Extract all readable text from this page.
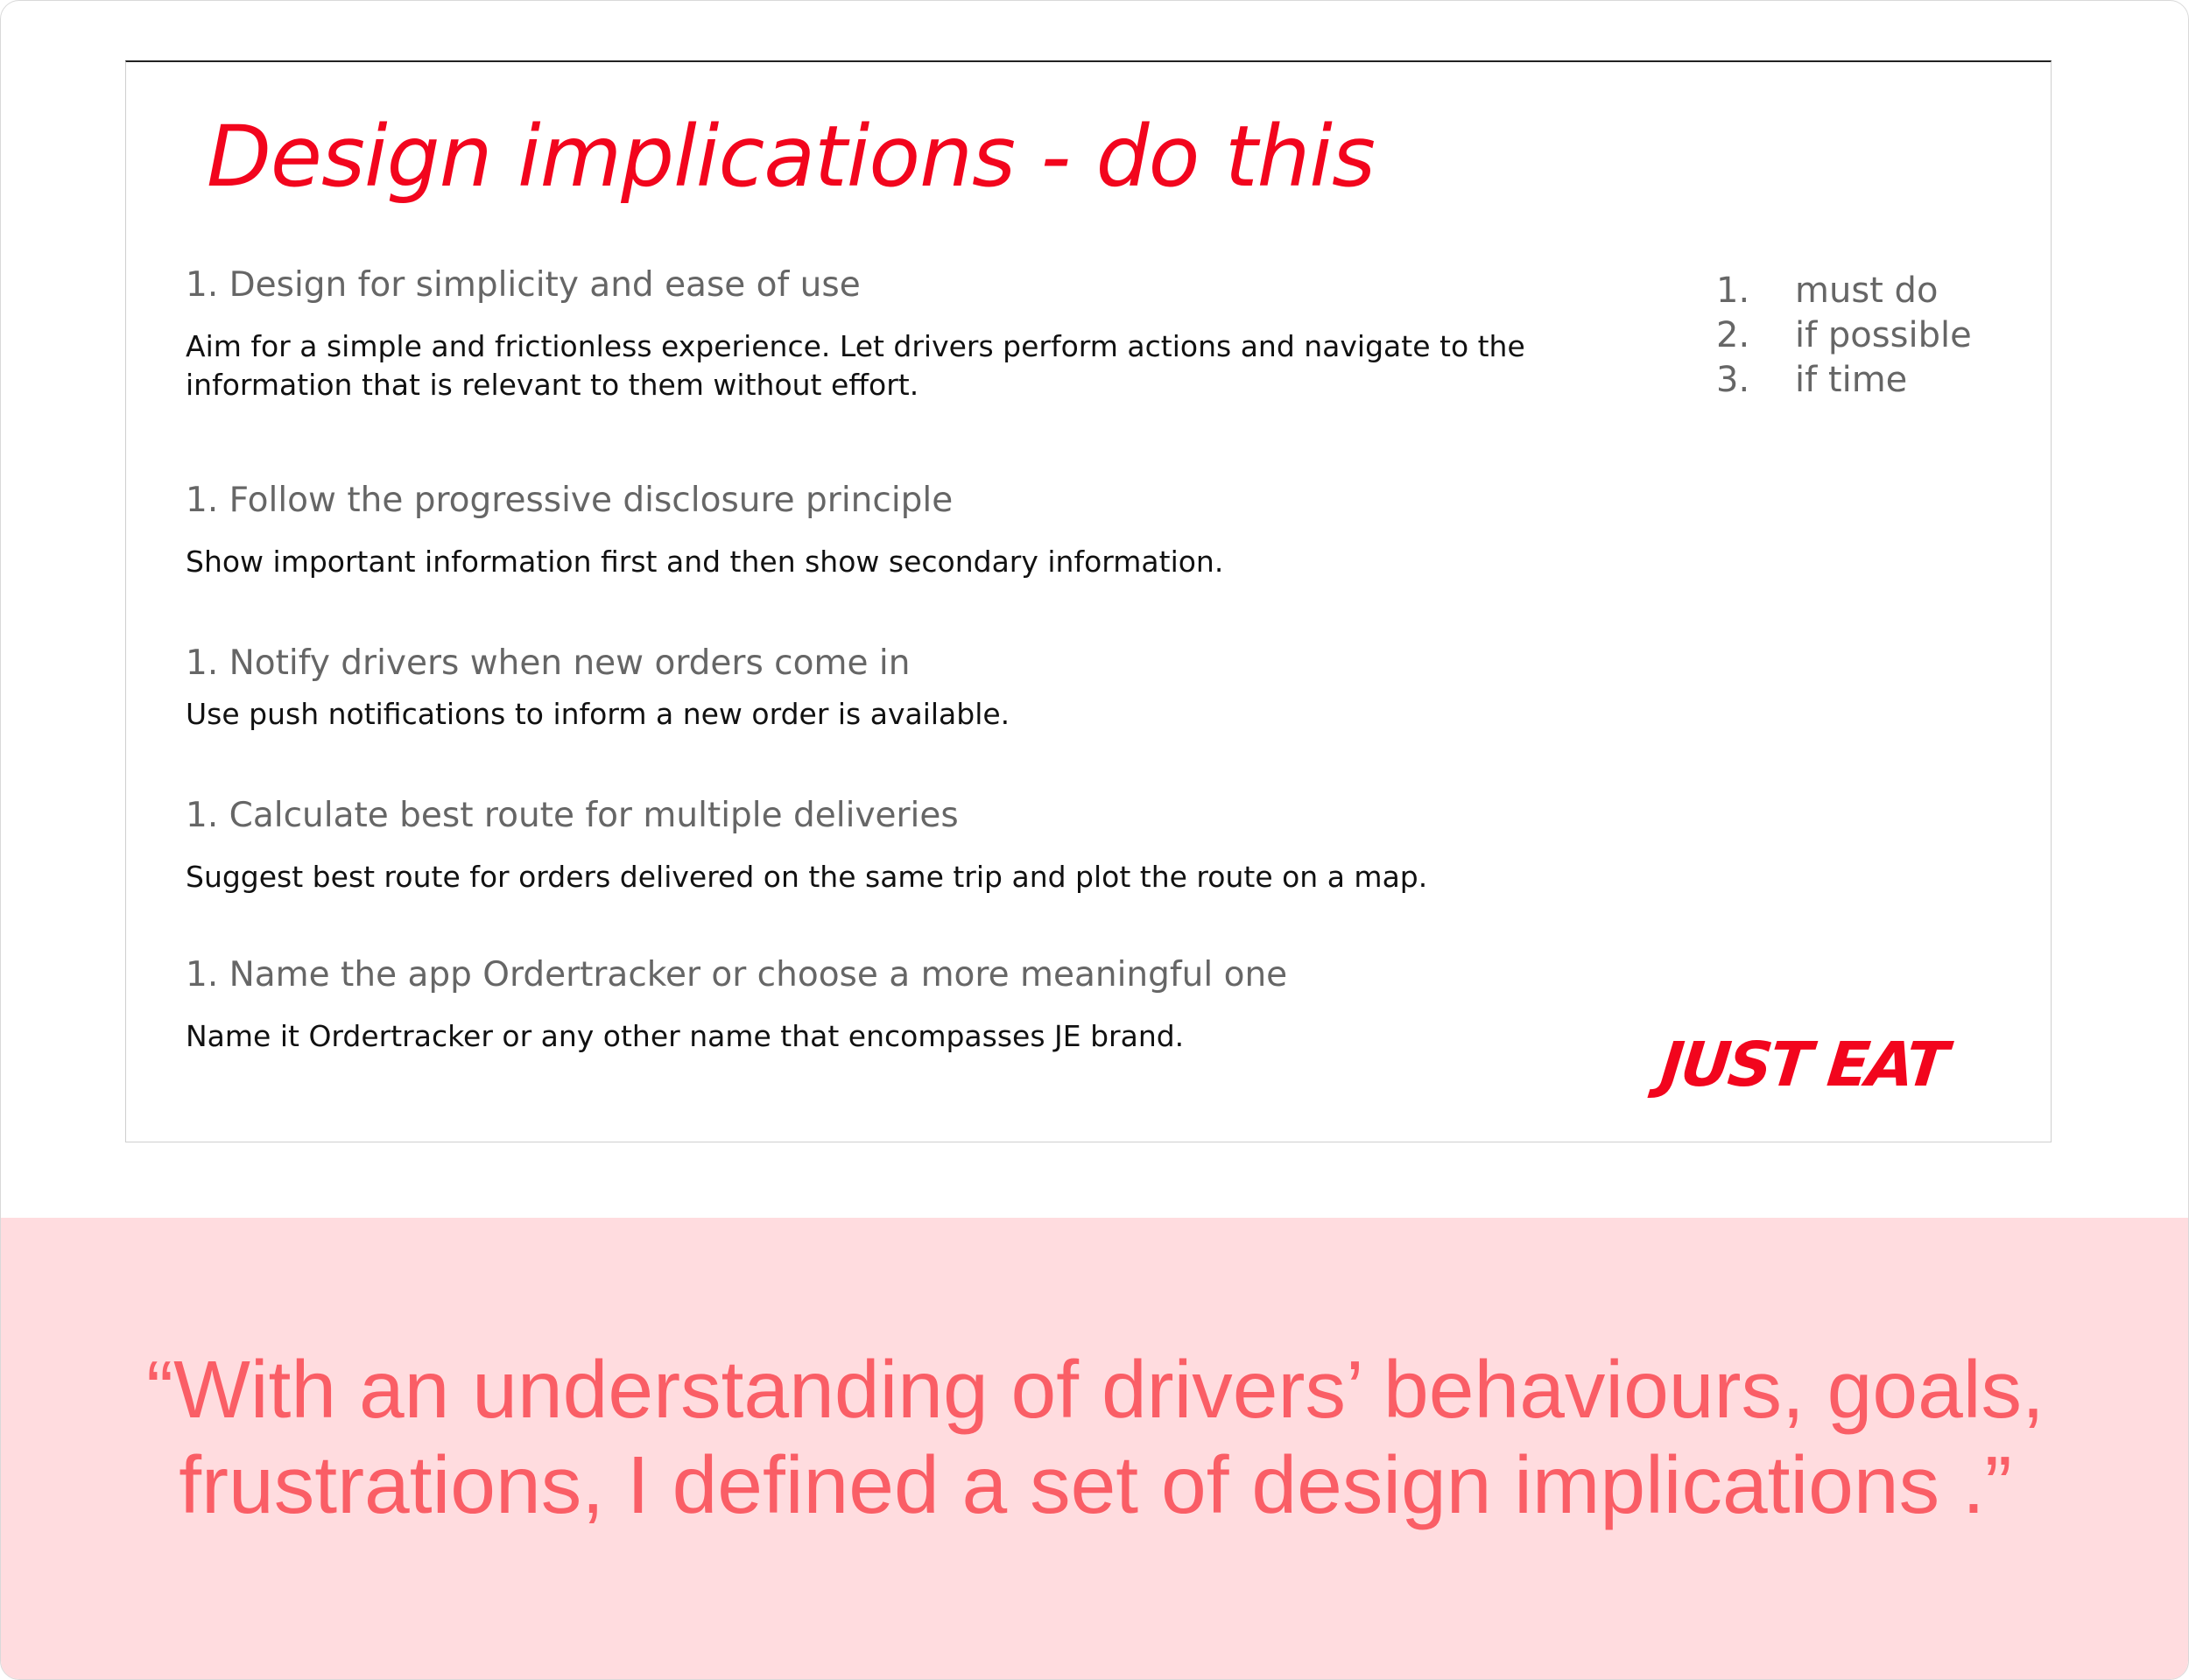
Design implications - do this
1. Design for simplicity and ease of use
Aim for a simple and frictionless experience. Let drivers perform actions and navigate to the information that is relevant to them without effort.
1. Follow the progressive disclosure principle
Show important information first and then show secondary information.
1. Notify drivers when new orders come in
Use push notifications to inform a new order is available.
1. Calculate best route for multiple deliveries
Suggest best route for orders delivered on the same trip and plot the route on a map.
1. Name the app Ordertracker or choose a more meaningful one
Name it Ordertracker or any other name that encompasses JE brand.
1. must do
2. if possible
3. if time
JUST EAT

“With an understanding of drivers’ behaviours, goals, frustrations, I defined a set of design implications .”
